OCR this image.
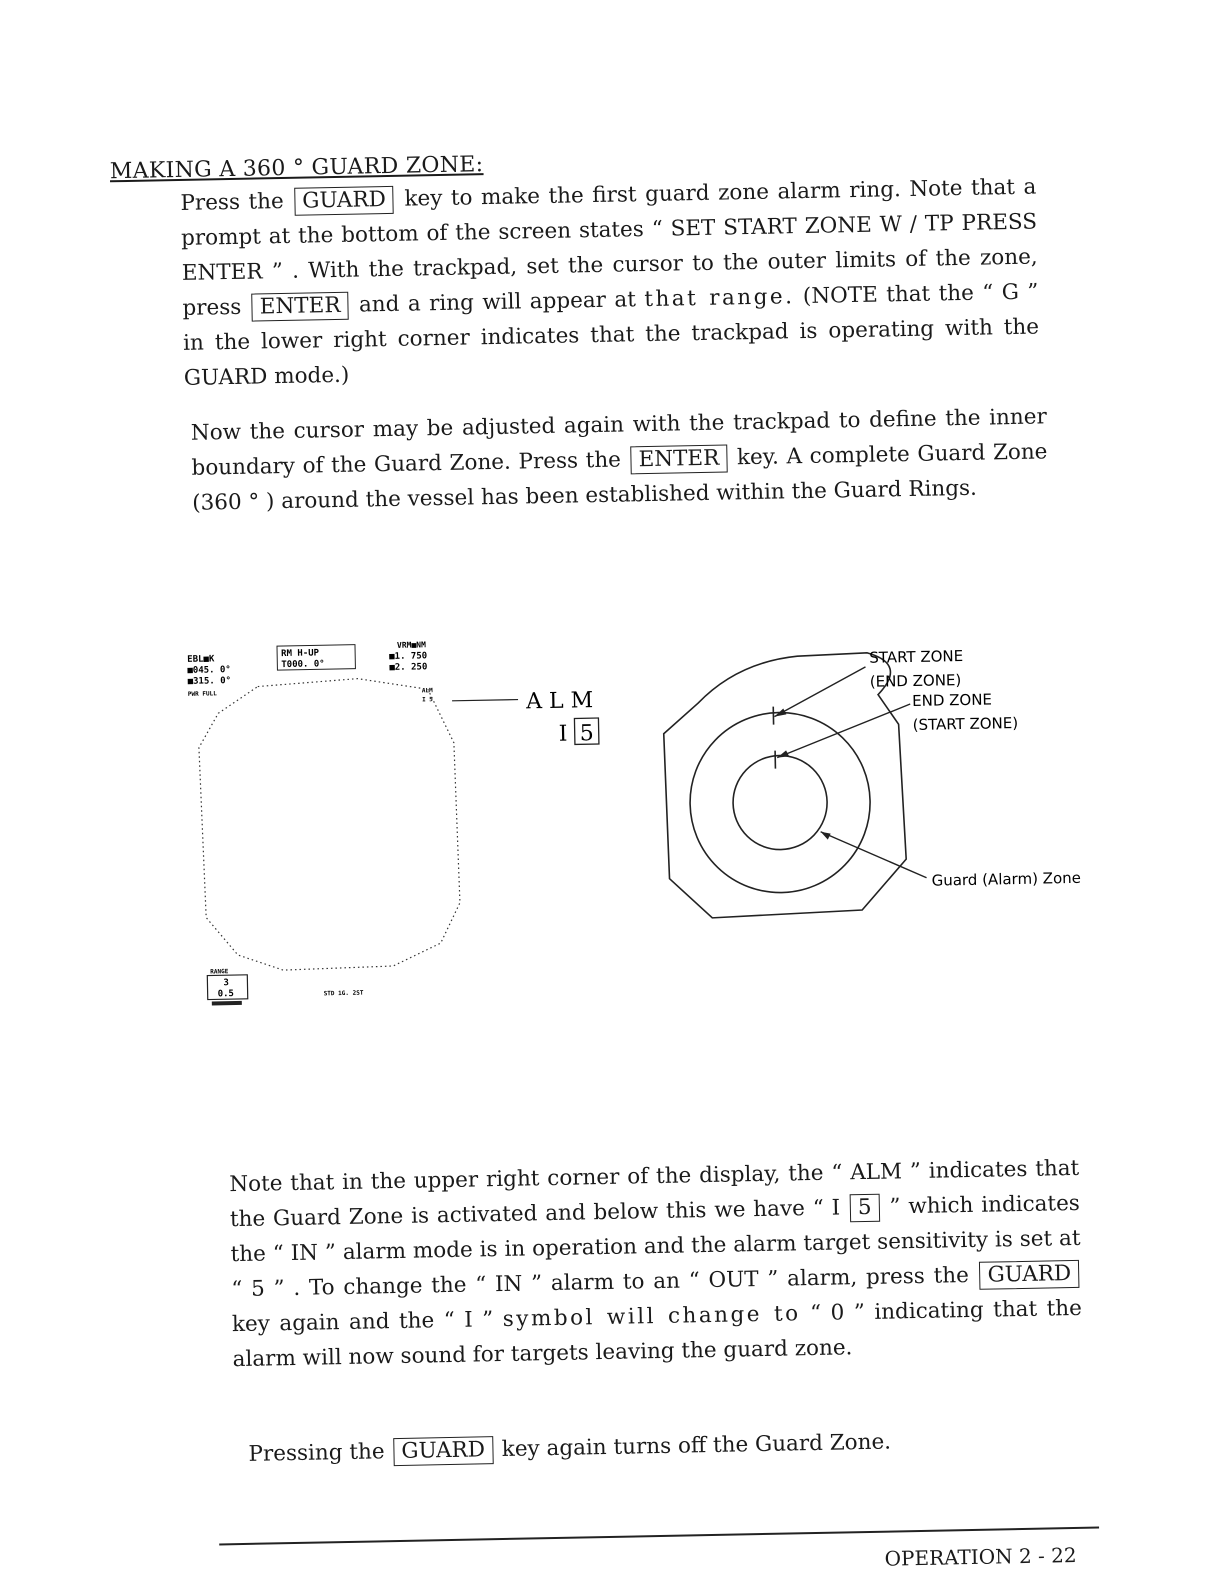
MAKING A 360 ° GUARD ZONE:
Press the GUARD key to make the first guard zone alarm ring. Note that a prompt at the bottom of the screen states “ SET START ZONE W / TP PRESS ENTER ” . With the trackpad, set the cursor to the outer limits of the zone, press ENTER and a ring will appear at that range. (NOTE that the “ G ” in the lower right corner indicates that the trackpad is operating with the GUARD mode.)
Now the cursor may be adjusted again with the trackpad to define the inner boundary of the Guard Zone. Press the ENTER key. A complete Guard Zone (360 ° ) around the vessel has been established within the Guard Rings.
EBL■K
■045. 0°
■315. 0°
PWR FULL
RM H-UP
T000. 0°
VRM■NM
■1. 750
■2. 250
ALM
I 5
RANGE
3
0.5	STD 1G. 2ST
A L M
I 5
START ZONE
(END ZONE)
END ZONE
(START ZONE)
Guard (Alarm) Zone
Note that in the upper right corner of the display, the “ ALM ” indicates that the Guard Zone is activated and below this we have “ I 5 ” which indicates the “ IN ” alarm mode is in operation and the alarm target sensitivity is set at “ 5 ” . To change the “ IN ” alarm to an “ OUT ” alarm, press the GUARD key again and the “ I ” symbol will change to “ 0 ” indicating that the alarm will now sound for targets leaving the guard zone.
Pressing the GUARD key again turns off the Guard Zone.
OPERATION 2 - 22
